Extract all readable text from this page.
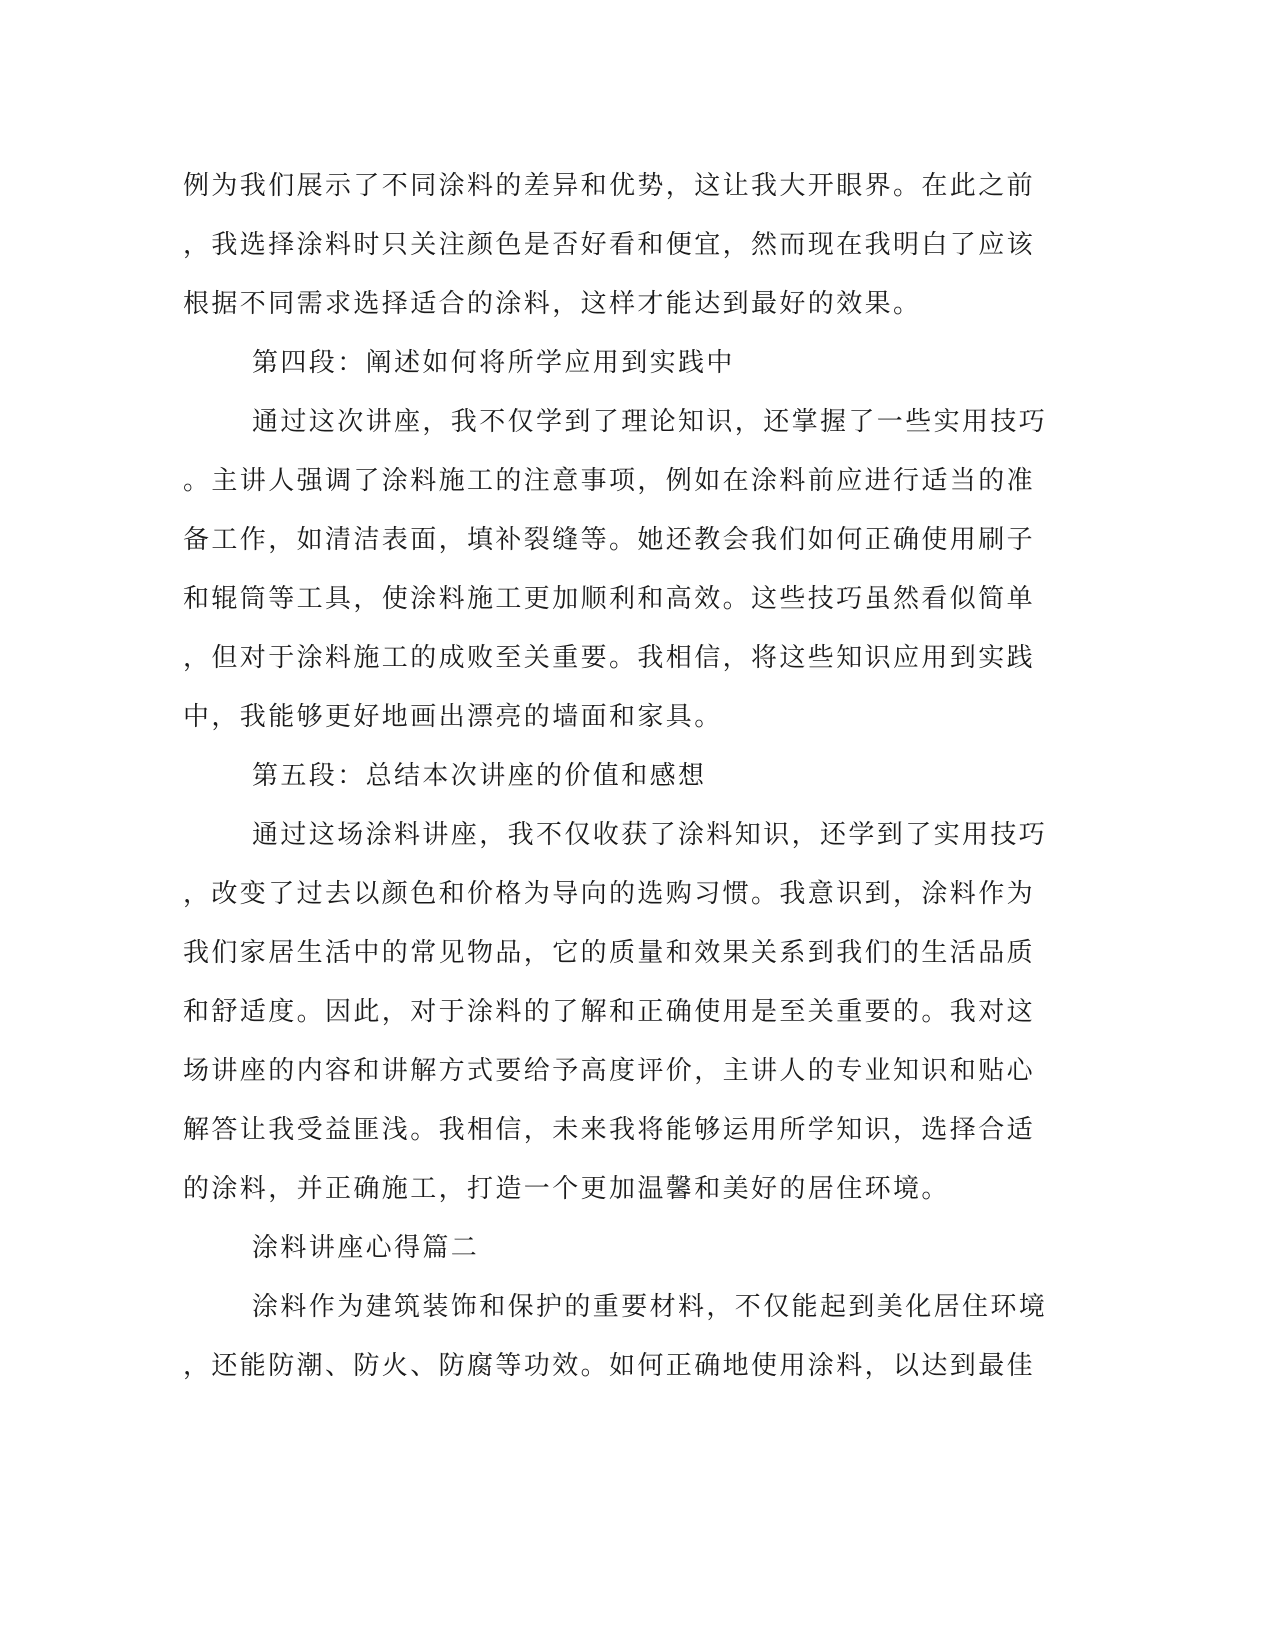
例为我们展示了不同涂料的差异和优势，这让我大开眼界。在此之前
，我选择涂料时只关注颜色是否好看和便宜，然而现在我明白了应该
根据不同需求选择适合的涂料，这样才能达到最好的效果。
第四段：阐述如何将所学应用到实践中
通过这次讲座，我不仅学到了理论知识，还掌握了一些实用技巧
。主讲人强调了涂料施工的注意事项，例如在涂料前应进行适当的准
备工作，如清洁表面，填补裂缝等。她还教会我们如何正确使用刷子
和辊筒等工具，使涂料施工更加顺利和高效。这些技巧虽然看似简单
，但对于涂料施工的成败至关重要。我相信，将这些知识应用到实践
中，我能够更好地画出漂亮的墙面和家具。
第五段：总结本次讲座的价值和感想
通过这场涂料讲座，我不仅收获了涂料知识，还学到了实用技巧
，改变了过去以颜色和价格为导向的选购习惯。我意识到，涂料作为
我们家居生活中的常见物品，它的质量和效果关系到我们的生活品质
和舒适度。因此，对于涂料的了解和正确使用是至关重要的。我对这
场讲座的内容和讲解方式要给予高度评价，主讲人的专业知识和贴心
解答让我受益匪浅。我相信，未来我将能够运用所学知识，选择合适
的涂料，并正确施工，打造一个更加温馨和美好的居住环境。
涂料讲座心得篇二
涂料作为建筑装饰和保护的重要材料，不仅能起到美化居住环境
，还能防潮、防火、防腐等功效。如何正确地使用涂料，以达到最佳
